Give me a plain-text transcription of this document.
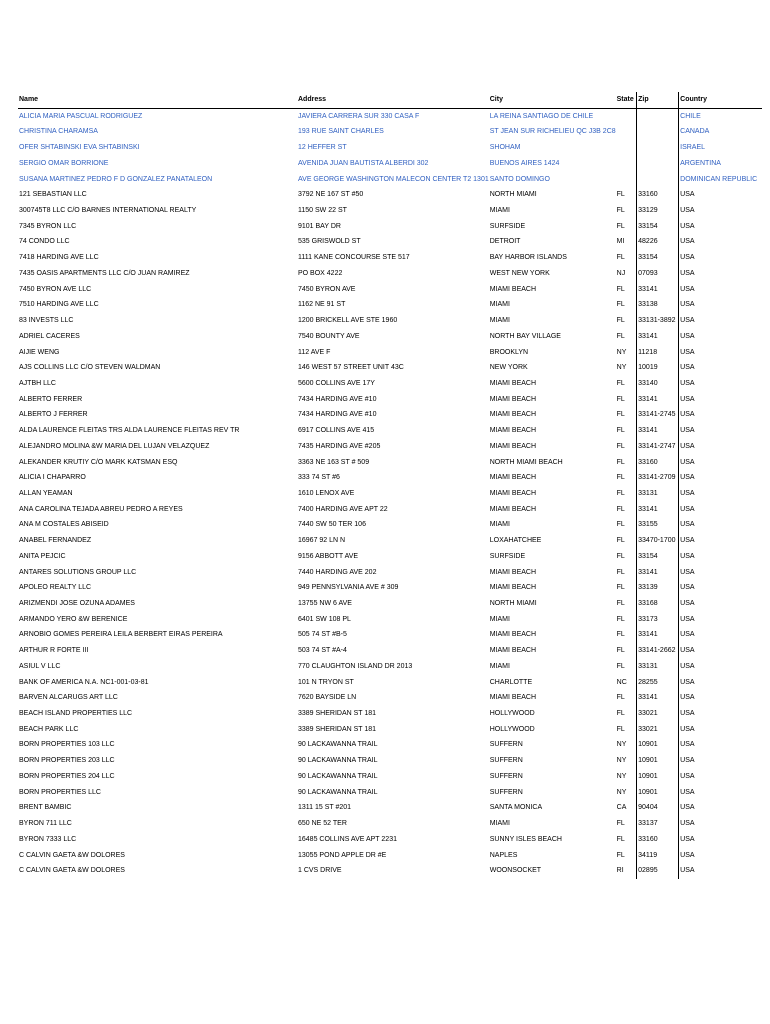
Name	Address	City	State	Zip	Country
ALICIA MARIA PASCUAL RODRIGUEZ	JAVIERA CARRERA SUR 330 CASA F	LA REINA SANTIAGO DE CHILE			CHILE
CHRISTINA CHARAMSA	193 RUE SAINT CHARLES	ST JEAN SUR RICHELIEU QC J3B 2C8			CANADA
OFER SHTABINSKI EVA SHTABINSKI	12 HEFFER ST	SHOHAM			ISRAEL
SERGIO OMAR BORRIONE	AVENIDA JUAN BAUTISTA ALBERDI 302	BUENOS AIRES 1424			ARGENTINA
SUSANA MARTINEZ PEDRO F D GONZALEZ PANATALEON	AVE GEORGE WASHINGTON MALECON CENTER T2 1301	SANTO DOMINGO			DOMINICAN REPUBLIC
121 SEBASTIAN LLC	3792 NE 167 ST #50	NORTH MIAMI	FL	33160	USA
300745T8 LLC C/O BARNES INTERNATIONAL REALTY	1150 SW 22 ST	MIAMI	FL	33129	USA
7345 BYRON LLC	9101 BAY DR	SURFSIDE	FL	33154	USA
74 CONDO LLC	535 GRISWOLD ST	DETROIT	MI	48226	USA
7418 HARDING AVE LLC	1111 KANE CONCOURSE STE 517	BAY HARBOR ISLANDS	FL	33154	USA
7435 OASIS APARTMENTS LLC C/O JUAN RAMIREZ	PO BOX 4222	WEST NEW YORK	NJ	07093	USA
7450 BYRON AVE LLC	7450 BYRON AVE	MIAMI BEACH	FL	33141	USA
7510 HARDING AVE LLC	1162 NE 91 ST	MIAMI	FL	33138	USA
83 INVESTS LLC	1200 BRICKELL AVE STE 1960	MIAMI	FL	33131-3892	USA
ADRIEL CACERES	7540 BOUNTY AVE	NORTH BAY VILLAGE	FL	33141	USA
AIJIE WENG	112 AVE F	BROOKLYN	NY	11218	USA
AJS COLLINS LLC C/O STEVEN WALDMAN	146 WEST 57 STREET UNIT 43C	NEW YORK	NY	10019	USA
AJTBH LLC	5600 COLLINS AVE 17Y	MIAMI BEACH	FL	33140	USA
ALBERTO FERRER	7434 HARDING AVE #10	MIAMI BEACH	FL	33141	USA
ALBERTO J FERRER	7434 HARDING AVE #10	MIAMI BEACH	FL	33141-2745	USA
ALDA LAURENCE FLEITAS TRS ALDA LAURENCE FLEITAS REV TR	6917 COLLINS AVE 415	MIAMI BEACH	FL	33141	USA
ALEJANDRO MOLINA &W MARIA DEL LUJAN VELAZQUEZ	7435 HARDING AVE #205	MIAMI BEACH	FL	33141-2747	USA
ALEKANDER KRUTIY C/O MARK KATSMAN ESQ	3363 NE 163 ST # 509	NORTH MIAMI BEACH	FL	33160	USA
ALICIA I CHAPARRO	333 74 ST #6	MIAMI BEACH	FL	33141-2709	USA
ALLAN YEAMAN	1610 LENOX AVE	MIAMI BEACH	FL	33131	USA
ANA CAROLINA TEJADA ABREU PEDRO A REYES	7400 HARDING AVE APT 22	MIAMI BEACH	FL	33141	USA
ANA M COSTALES ABISEID	7440 SW 50 TER 106	MIAMI	FL	33155	USA
ANABEL FERNANDEZ	16967 92 LN N	LOXAHATCHEE	FL	33470-1700	USA
ANITA PEJCIC	9156 ABBOTT AVE	SURFSIDE	FL	33154	USA
ANTARES SOLUTIONS GROUP LLC	7440 HARDING AVE 202	MIAMI BEACH	FL	33141	USA
APOLEO REALTY LLC	949 PENNSYLVANIA AVE # 309	MIAMI BEACH	FL	33139	USA
ARIZMENDI JOSE OZUNA ADAMES	13755 NW 6 AVE	NORTH MIAMI	FL	33168	USA
ARMANDO YERO &W BERENICE	6401 SW 108 PL	MIAMI	FL	33173	USA
ARNOBIO GOMES PEREIRA LEILA BERBERT EIRAS PEREIRA	505 74 ST #B-5	MIAMI BEACH	FL	33141	USA
ARTHUR R FORTE III	503 74 ST #A-4	MIAMI BEACH	FL	33141-2662	USA
ASIUL V LLC	770 CLAUGHTON ISLAND DR 2013	MIAMI	FL	33131	USA
BANK OF AMERICA N.A. NC1-001-03-81	101 N TRYON ST	CHARLOTTE	NC	28255	USA
BARVEN ALCARUGS ART LLC	7620 BAYSIDE LN	MIAMI BEACH	FL	33141	USA
BEACH ISLAND PROPERTIES LLC	3389 SHERIDAN ST 181	HOLLYWOOD	FL	33021	USA
BEACH PARK LLC	3389 SHERIDAN ST 181	HOLLYWOOD	FL	33021	USA
BORN PROPERTIES 103 LLC	90 LACKAWANNA TRAIL	SUFFERN	NY	10901	USA
BORN PROPERTIES 203 LLC	90 LACKAWANNA TRAIL	SUFFERN	NY	10901	USA
BORN PROPERTIES 204 LLC	90 LACKAWANNA TRAIL	SUFFERN	NY	10901	USA
BORN PROPERTIES LLC	90 LACKAWANNA TRAIL	SUFFERN	NY	10901	USA
BRENT BAMBIC	1311 15 ST #201	SANTA MONICA	CA	90404	USA
BYRON 711 LLC	650 NE 52 TER	MIAMI	FL	33137	USA
BYRON 7333 LLC	16485 COLLINS AVE APT 2231	SUNNY ISLES BEACH	FL	33160	USA
C CALVIN GAETA &W DOLORES	13055 POND APPLE DR #E	NAPLES	FL	34119	USA
C CALVIN GAETA &W DOLORES	1 CVS DRIVE	WOONSOCKET	RI	02895	USA
